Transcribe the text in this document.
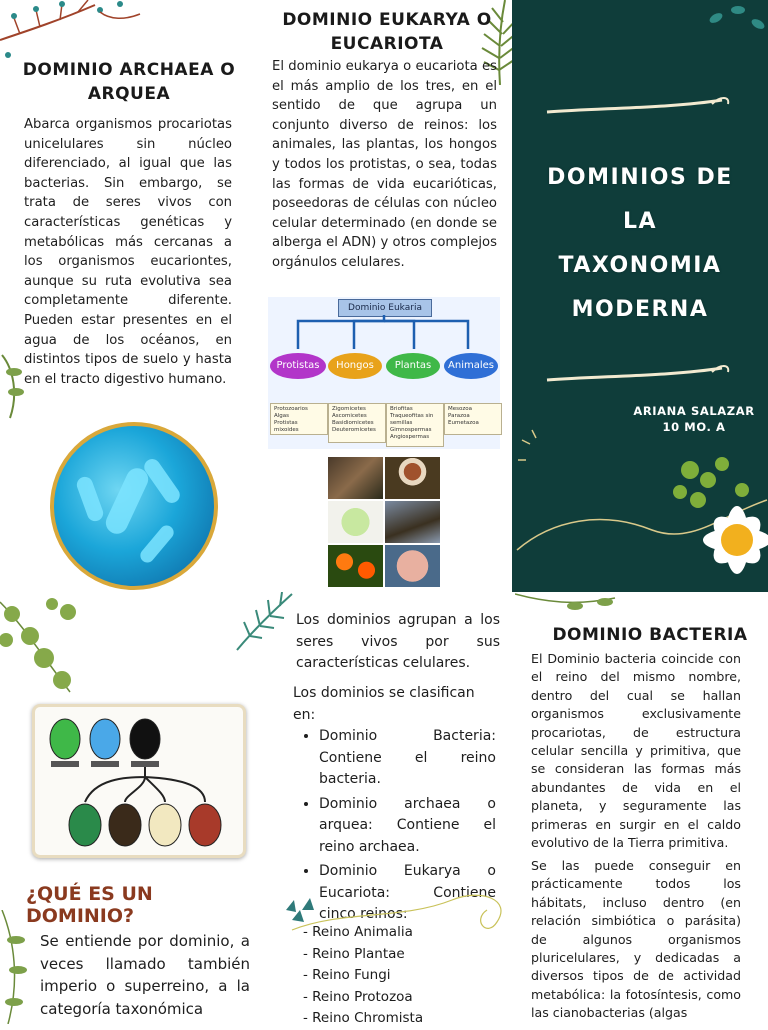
DOMINIO ARCHAEA O ARQUEA
Abarca organismos procariotas unicelulares sin núcleo diferenciado, al igual que las bacterias. Sin embargo, se trata de seres vivos con características genéticas y metabólicas más cercanas a los organismos eucariontes, aunque su ruta evolutiva sea completamente diferente. Pueden estar presentes en el agua de los océanos, en distintos tipos de suelo y hasta en el tracto digestivo humano.
DOMINIO EUKARYA O EUCARIOTA
El dominio eukarya o eucariota es el más amplio de los tres, en el sentido de que agrupa un conjunto diverso de reinos: los animales, las plantas, los hongos y todos los protistas, o sea, todas las formas de vida eucarióticas, poseedoras de células con núcleo celular determinado (en donde se alberga el ADN) y otros complejos orgánulos celulares.
Dominio Eukaria
Protistas	Hongos	Plantas	Animales
Protozoarios
Algas
Protistas mixoides
Zigomicetes
Ascomicetes
Basidiomicetes
Deuteromicetes
Briofitas
Traqueofitas sin semillas
Gimnospermas
Angiospermas
Mesozoa
Parazoa
Eumetazoa
DOMINIOS DE
LA
TAXONOMIA
MODERNA
ARIANA SALAZAR
10 MO. A
¿QUÉ ES UN DOMINIO?
Se entiende por dominio, a veces llamado también imperio o superreino, a la categoría taxonómica
Los dominios agrupan a los seres vivos por sus características celulares.
Los dominios se clasifican en:
• Dominio Bacteria: Contiene el reino bacteria.
• Dominio archaea o arquea: Contiene el reino archaea.
• Dominio Eukarya o Eucariota: Contiene cinco reinos:
- Reino Animalia
- Reino Plantae
- Reino Fungi
- Reino Protozoa
- Reino Chromista
DOMINIO BACTERIA
El Dominio bacteria coincide con el reino del mismo nombre, dentro del cual se hallan organismos exclusivamente procariotas, de estructura celular sencilla y primitiva, que se consideran las formas más abundantes de vida en el planeta, y seguramente las primeras en surgir en el caldo evolutivo de la Tierra primitiva.
Se las puede conseguir en prácticamente todos los hábitats, incluso dentro (en relación simbiótica o parásita) de algunos organismos pluricelulares, y dedicadas a diversos tipos de de actividad metabólica: la fotosíntesis, como las cianobacterias (algas
